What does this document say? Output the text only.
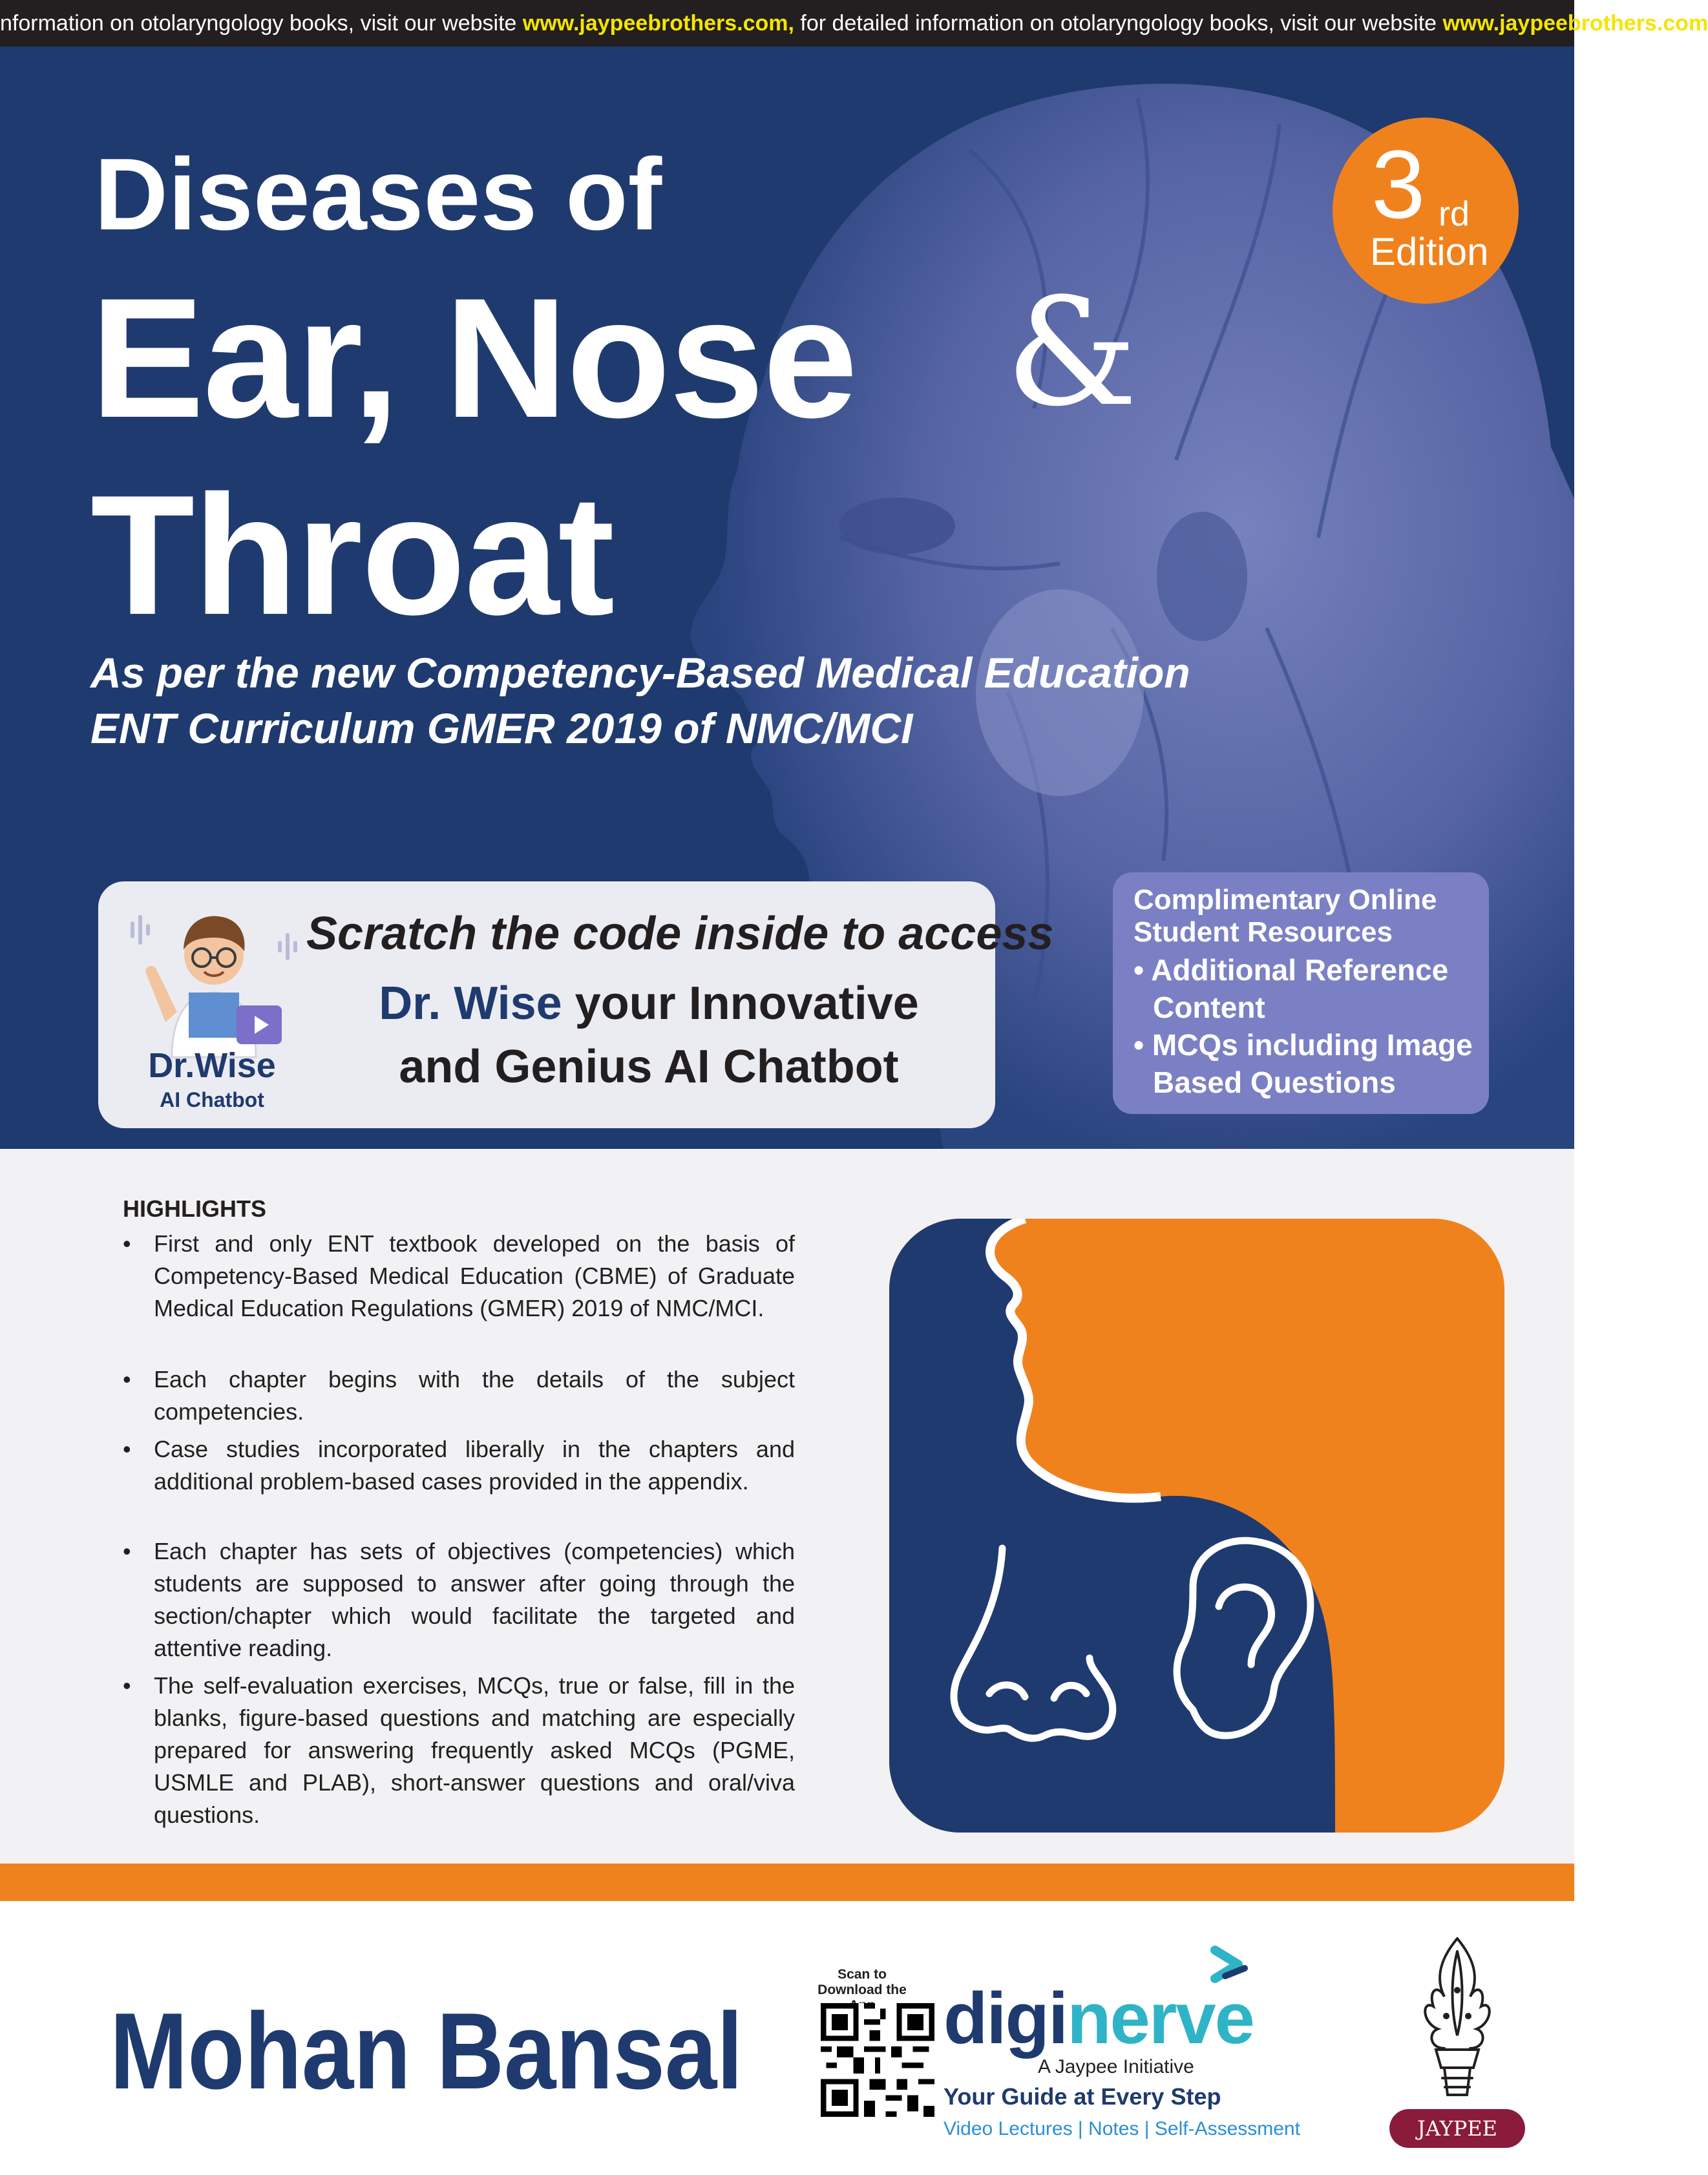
nformation on otolaryngology books, visit our website www.jaypeebrothers.com, for detailed information on otolaryngology books, visit our website www.jaypeebrothers.com
Diseases of
Ear, Nose &
Throat
3 rd
Edition
As per the new Competency-Based Medical Education
ENT Curriculum GMER 2019 of NMC/MCI
Dr.Wise
AI Chatbot
Scratch the code inside to access
Dr. Wise your Innovative
and Genius AI Chatbot
Complimentary Online
Student Resources
• Additional Reference
Content
• MCQs including Image
Based Questions
HIGHLIGHTS
• First and only ENT textbook developed on the basis of Competency-Based Medical Education (CBME) of Graduate Medical Education Regulations (GMER) 2019 of NMC/MCI.
• Each chapter begins with the details of the subject competencies.
• Case studies incorporated liberally in the chapters and additional problem-based cases provided in the appendix.
• Each chapter has sets of objectives (competencies) which students are supposed to answer after going through the section/chapter which would facilitate the targeted and attentive reading.
• The self-evaluation exercises, MCQs, true or false, fill in the blanks, figure-based questions and matching are especially prepared for answering frequently asked MCQs (PGME, USMLE and PLAB), short-answer questions and oral/viva questions.
Mohan Bansal
Scan to Download the diginerve
A Jaypee Initiative
Your Guide at Every Step
Video Lectures | Notes | Self-Assessment	JAYPEE
